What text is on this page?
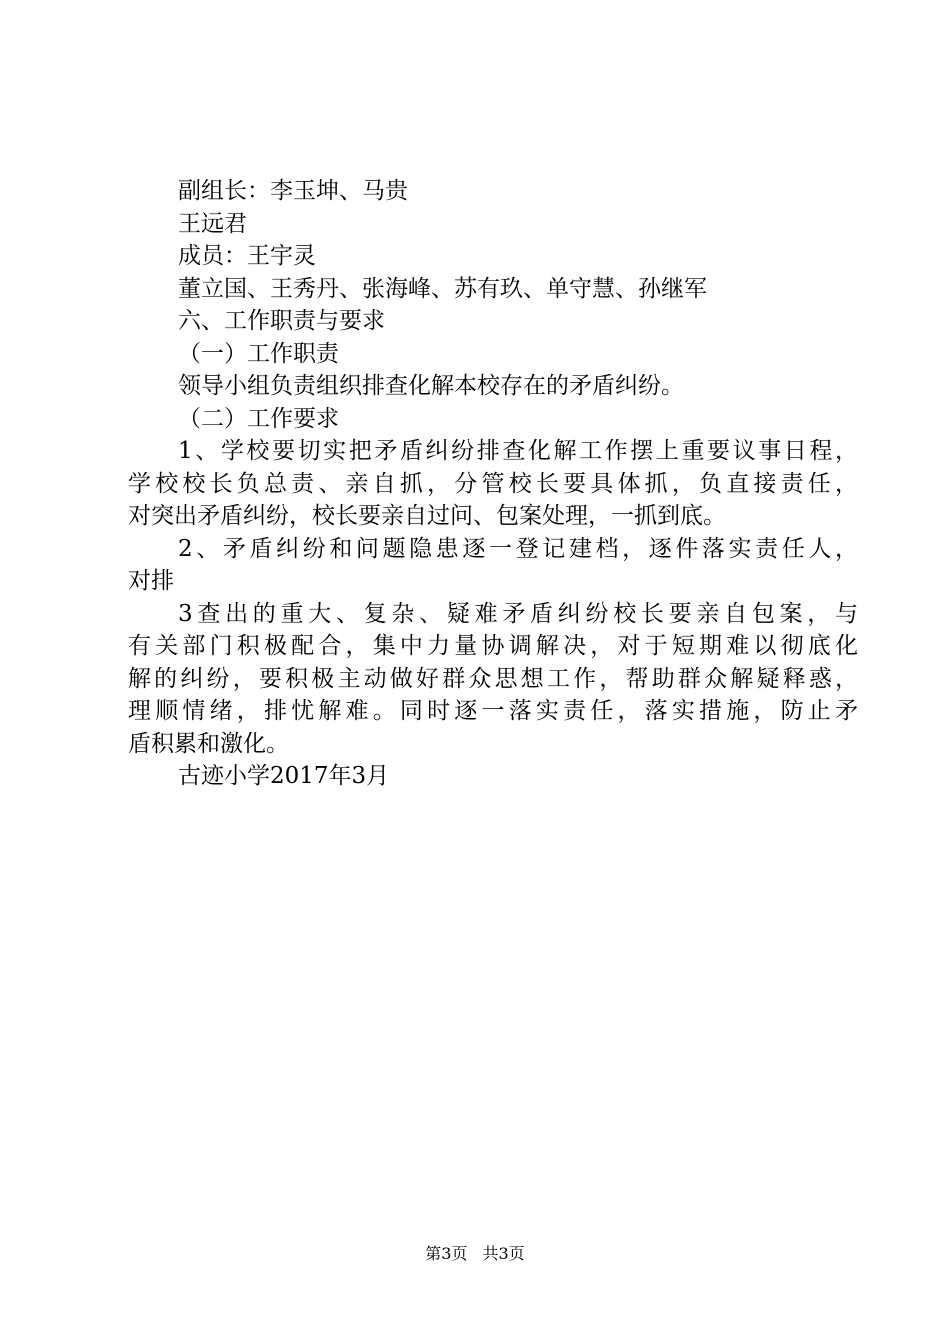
副组长：李玉坤、马贵

王远君

成员：王宇灵

董立国、王秀丹、张海峰、苏有玖、单守慧、孙继军

六、工作职责与要求

（一）工作职责

领导小组负责组织排查化解本校存在的矛盾纠纷。

（二）工作要求

1、学校要切实把矛盾纠纷排查化解工作摆上重要议事日程，

学校校长负总责、亲自抓，分管校长要具体抓，负直接责任，

对突出矛盾纠纷，校长要亲自过问、包案处理，一抓到底。

2、矛盾纠纷和问题隐患逐一登记建档，逐件落实责任人，

对排

3查出的重大、复杂、疑难矛盾纠纷校长要亲自包案，与

有关部门积极配合，集中力量协调解决，对于短期难以彻底化

解的纠纷，要积极主动做好群众思想工作，帮助群众解疑释惑，

理顺情绪，排忧解难。同时逐一落实责任，落实措施，防止矛

盾积累和激化。

古迹小学2017年3月

第3页 共3页
